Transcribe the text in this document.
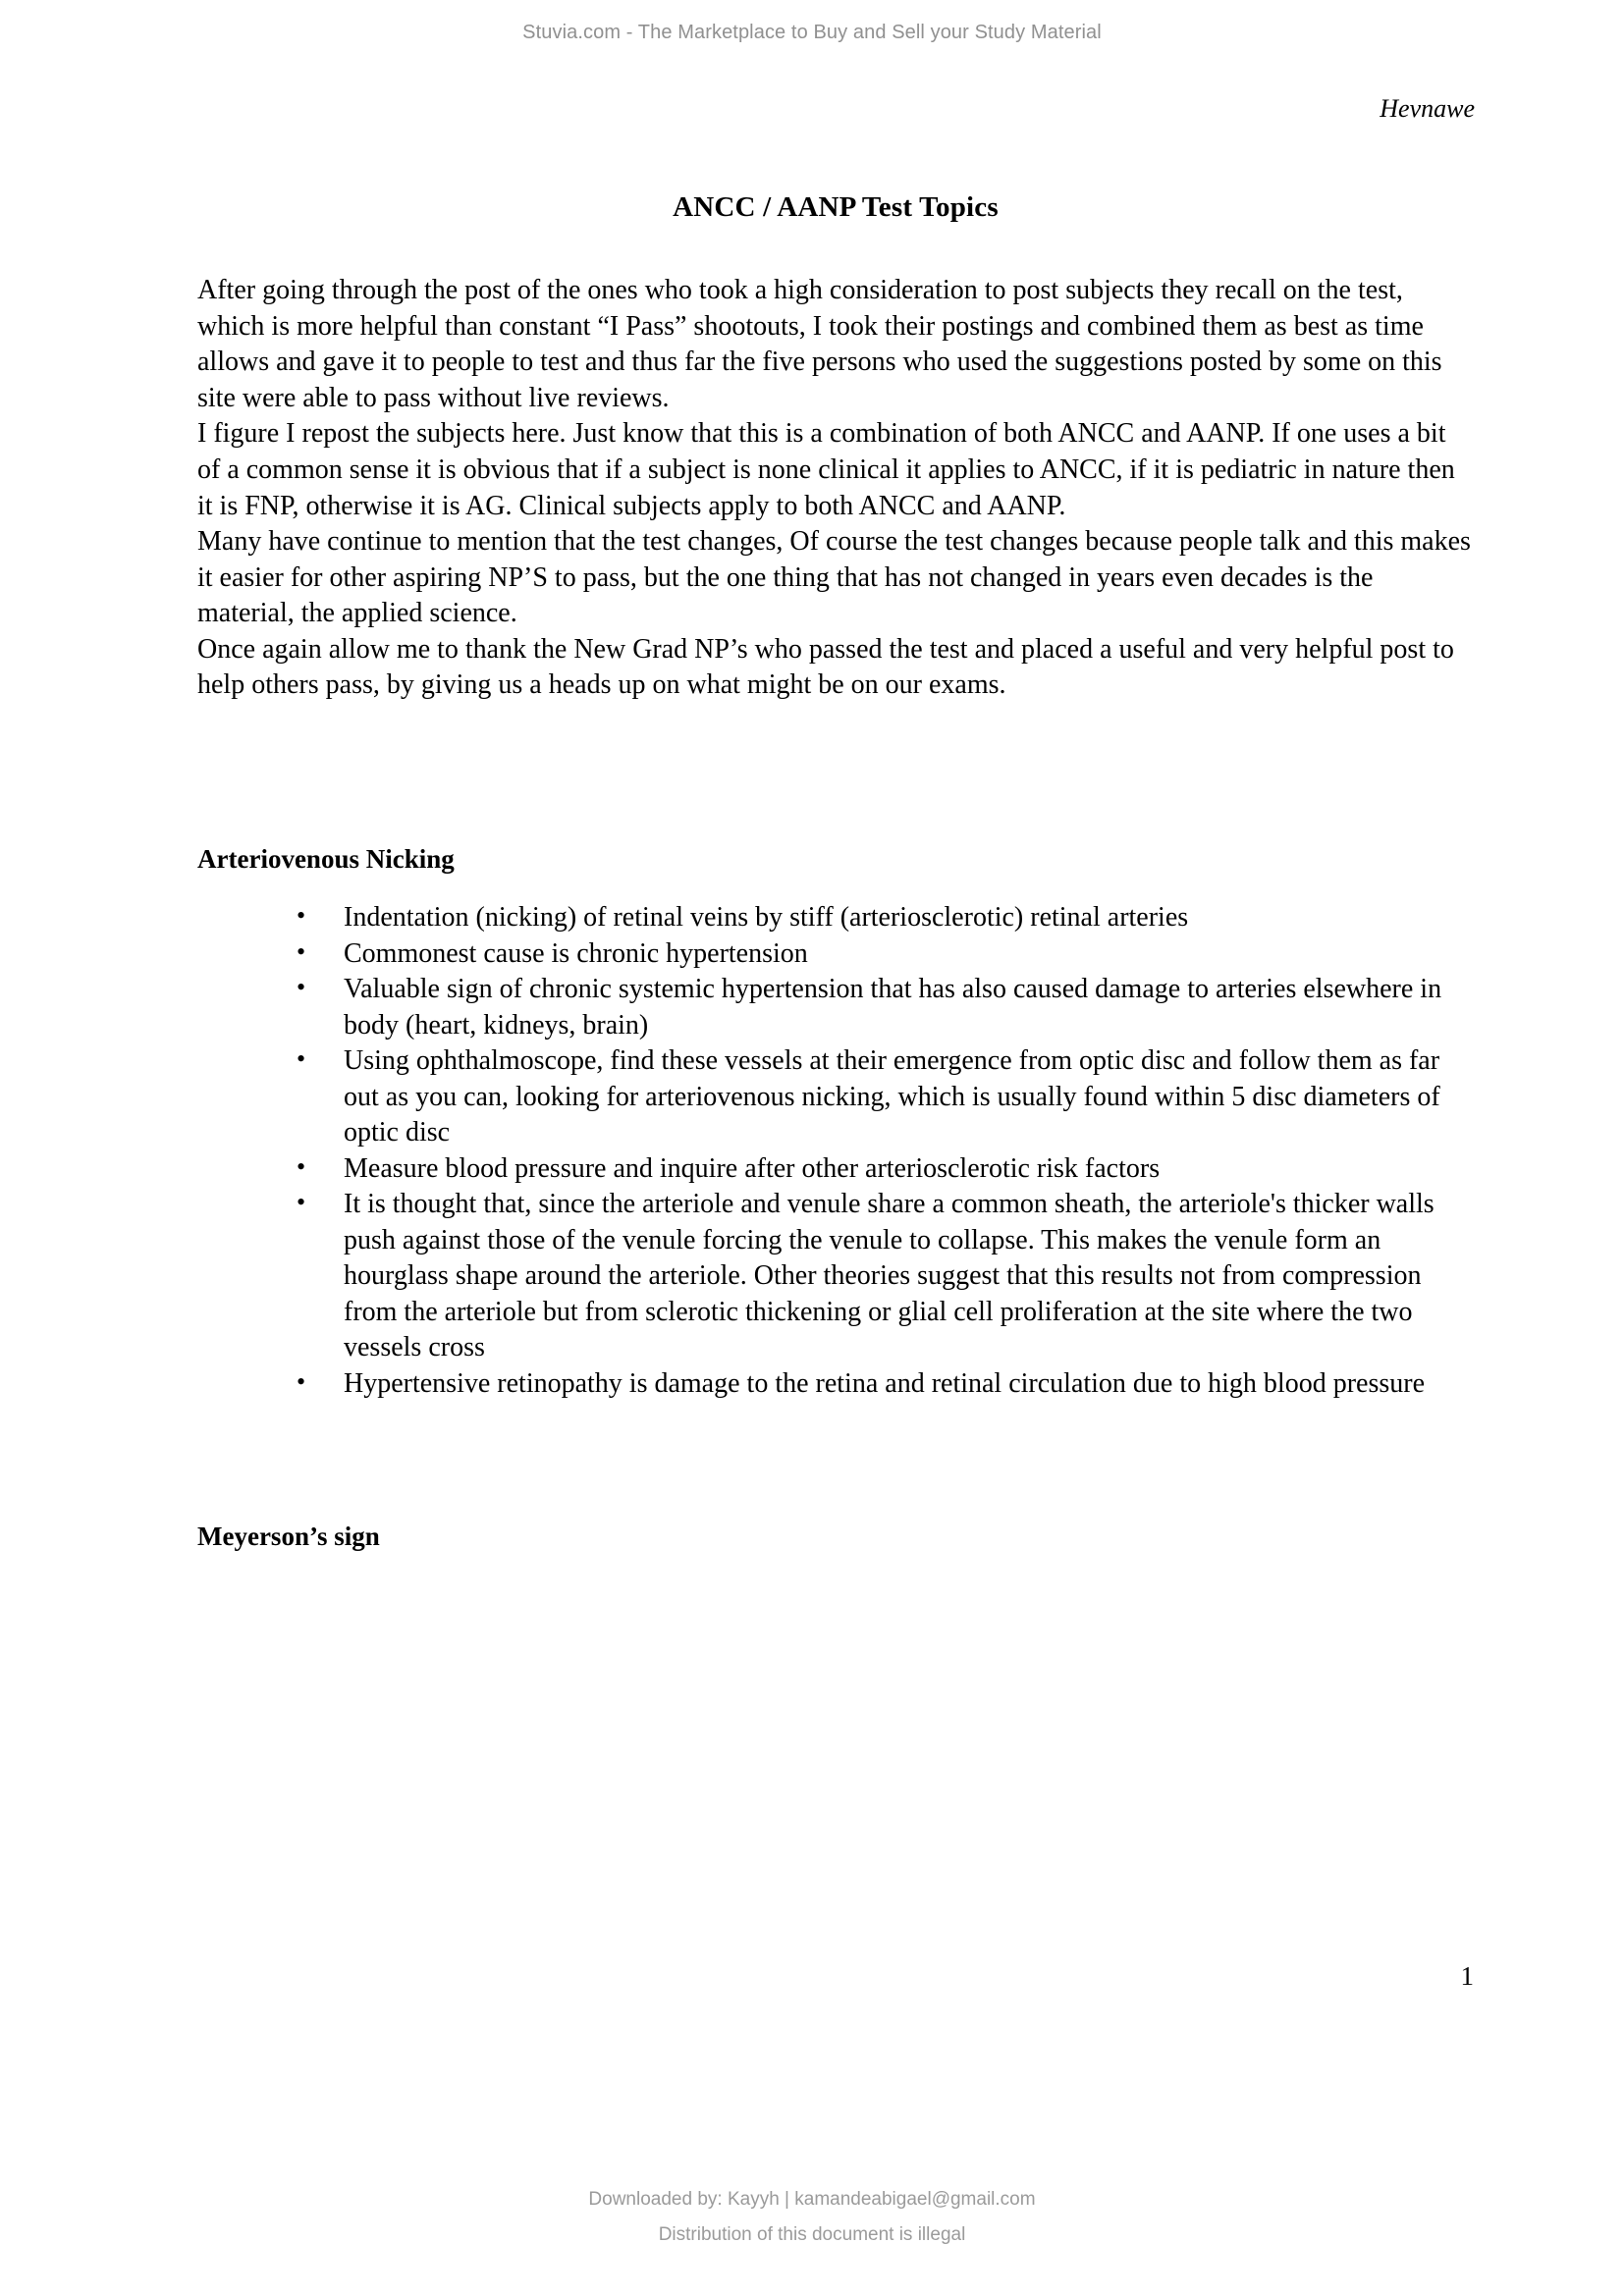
Stuvia.com - The Marketplace to Buy and Sell your Study Material
Hevnawe
ANCC / AANP Test Topics

After going through the post of the ones who took a high consideration to post subjects they recall on the test, which is more helpful than constant “I Pass” shootouts, I took their postings and combined them as best as time allows and gave it to people to test and thus far the five persons who used the suggestions posted by some on this site were able to pass without live reviews.

I figure I repost the subjects here. Just know that this is a combination of both ANCC and AANP. If one uses a bit of a common sense it is obvious that if a subject is none clinical it applies to ANCC, if it is pediatric in nature then it is FNP, otherwise it is AG. Clinical subjects apply to both ANCC and AANP.

Many have continue to mention that the test changes, Of course the test changes because people talk and this makes it easier for other aspiring NP’S to pass, but the one thing that has not changed in years even decades is the material, the applied science.

Once again allow me to thank the New Grad NP’s who passed the test and placed a useful and very helpful post to help others pass, by giving us a heads up on what might be on our exams.

Arteriovenous Nicking
• Indentation (nicking) of retinal veins by stiff (arteriosclerotic) retinal arteries
• Commonest cause is chronic hypertension
• Valuable sign of chronic systemic hypertension that has also caused damage to arteries elsewhere in body (heart, kidneys, brain)
• Using ophthalmoscope, find these vessels at their emergence from optic disc and follow them as far out as you can, looking for arteriovenous nicking, which is usually found within 5 disc diameters of optic disc
• Measure blood pressure and inquire after other arteriosclerotic risk factors
• It is thought that, since the arteriole and venule share a common sheath, the arteriole's thicker walls push against those of the venule forcing the venule to collapse. This makes the venule form an hourglass shape around the arteriole. Other theories suggest that this results not from compression from the arteriole but from sclerotic thickening or glial cell proliferation at the site where the two vessels cross
• Hypertensive retinopathy is damage to the retina and retinal circulation due to high blood pressure
Meyerson’s sign
1
Downloaded by: Kayyh | kamandeabigael@gmail.com
Distribution of this document is illegal
